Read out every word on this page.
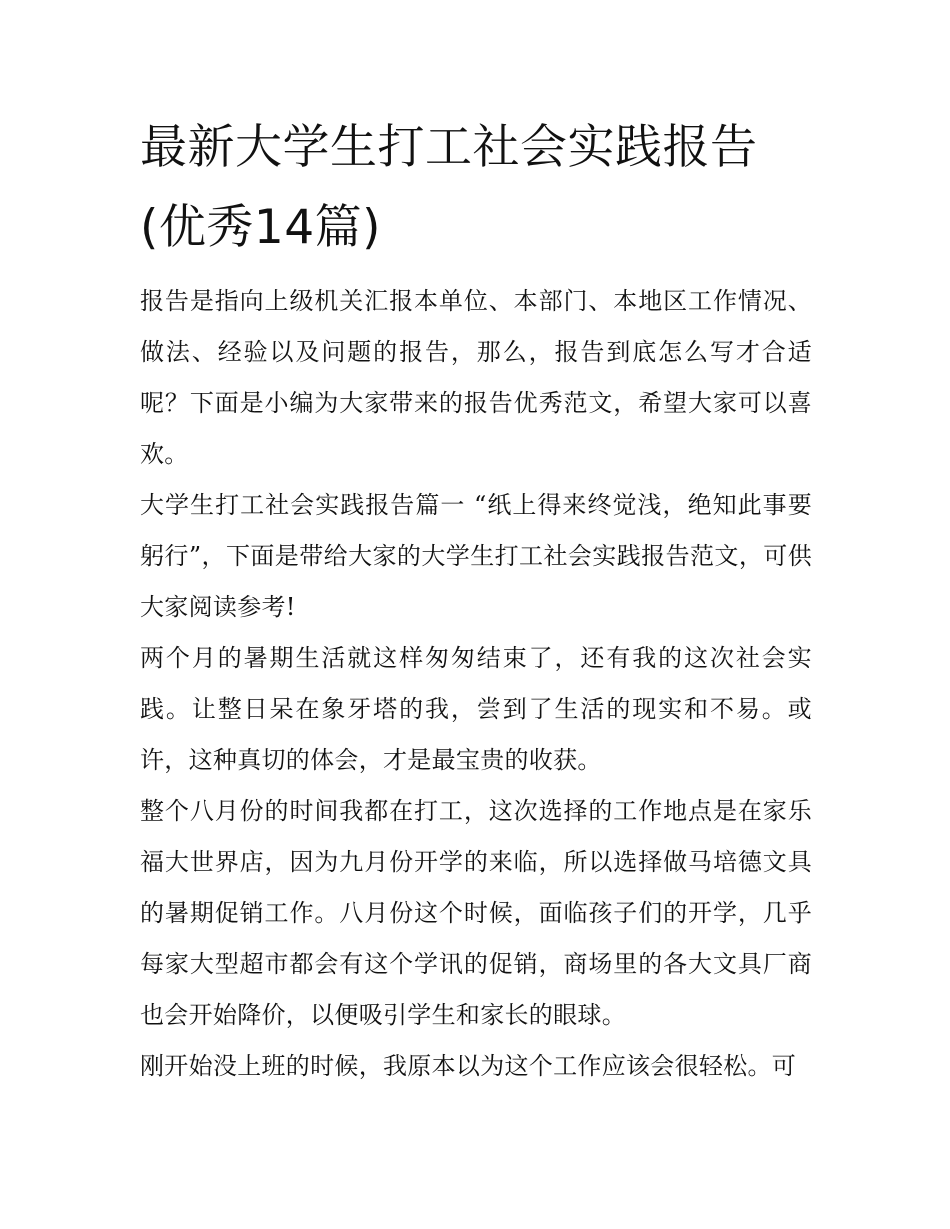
最新大学生打工社会实践报告(优秀14篇)

报告是指向上级机关汇报本单位、本部门、本地区工作情况、做法、经验以及问题的报告，那么，报告到底怎么写才合适呢？下面是小编为大家带来的报告优秀范文，希望大家可以喜欢。

大学生打工社会实践报告篇一 “纸上得来终觉浅，绝知此事要躬行”，下面是带给大家的大学生打工社会实践报告范文，可供大家阅读参考!

两个月的暑期生活就这样匆匆结束了，还有我的这次社会实践。让整日呆在象牙塔的我，尝到了生活的现实和不易。或许，这种真切的体会，才是最宝贵的收获。

整个八月份的时间我都在打工，这次选择的工作地点是在家乐福大世界店，因为九月份开学的来临，所以选择做马培德文具的暑期促销工作。八月份这个时候，面临孩子们的开学，几乎每家大型超市都会有这个学讯的促销，商场里的各大文具厂商也会开始降价，以便吸引学生和家长的眼球。

刚开始没上班的时候，我原本以为这个工作应该会很轻松。可
